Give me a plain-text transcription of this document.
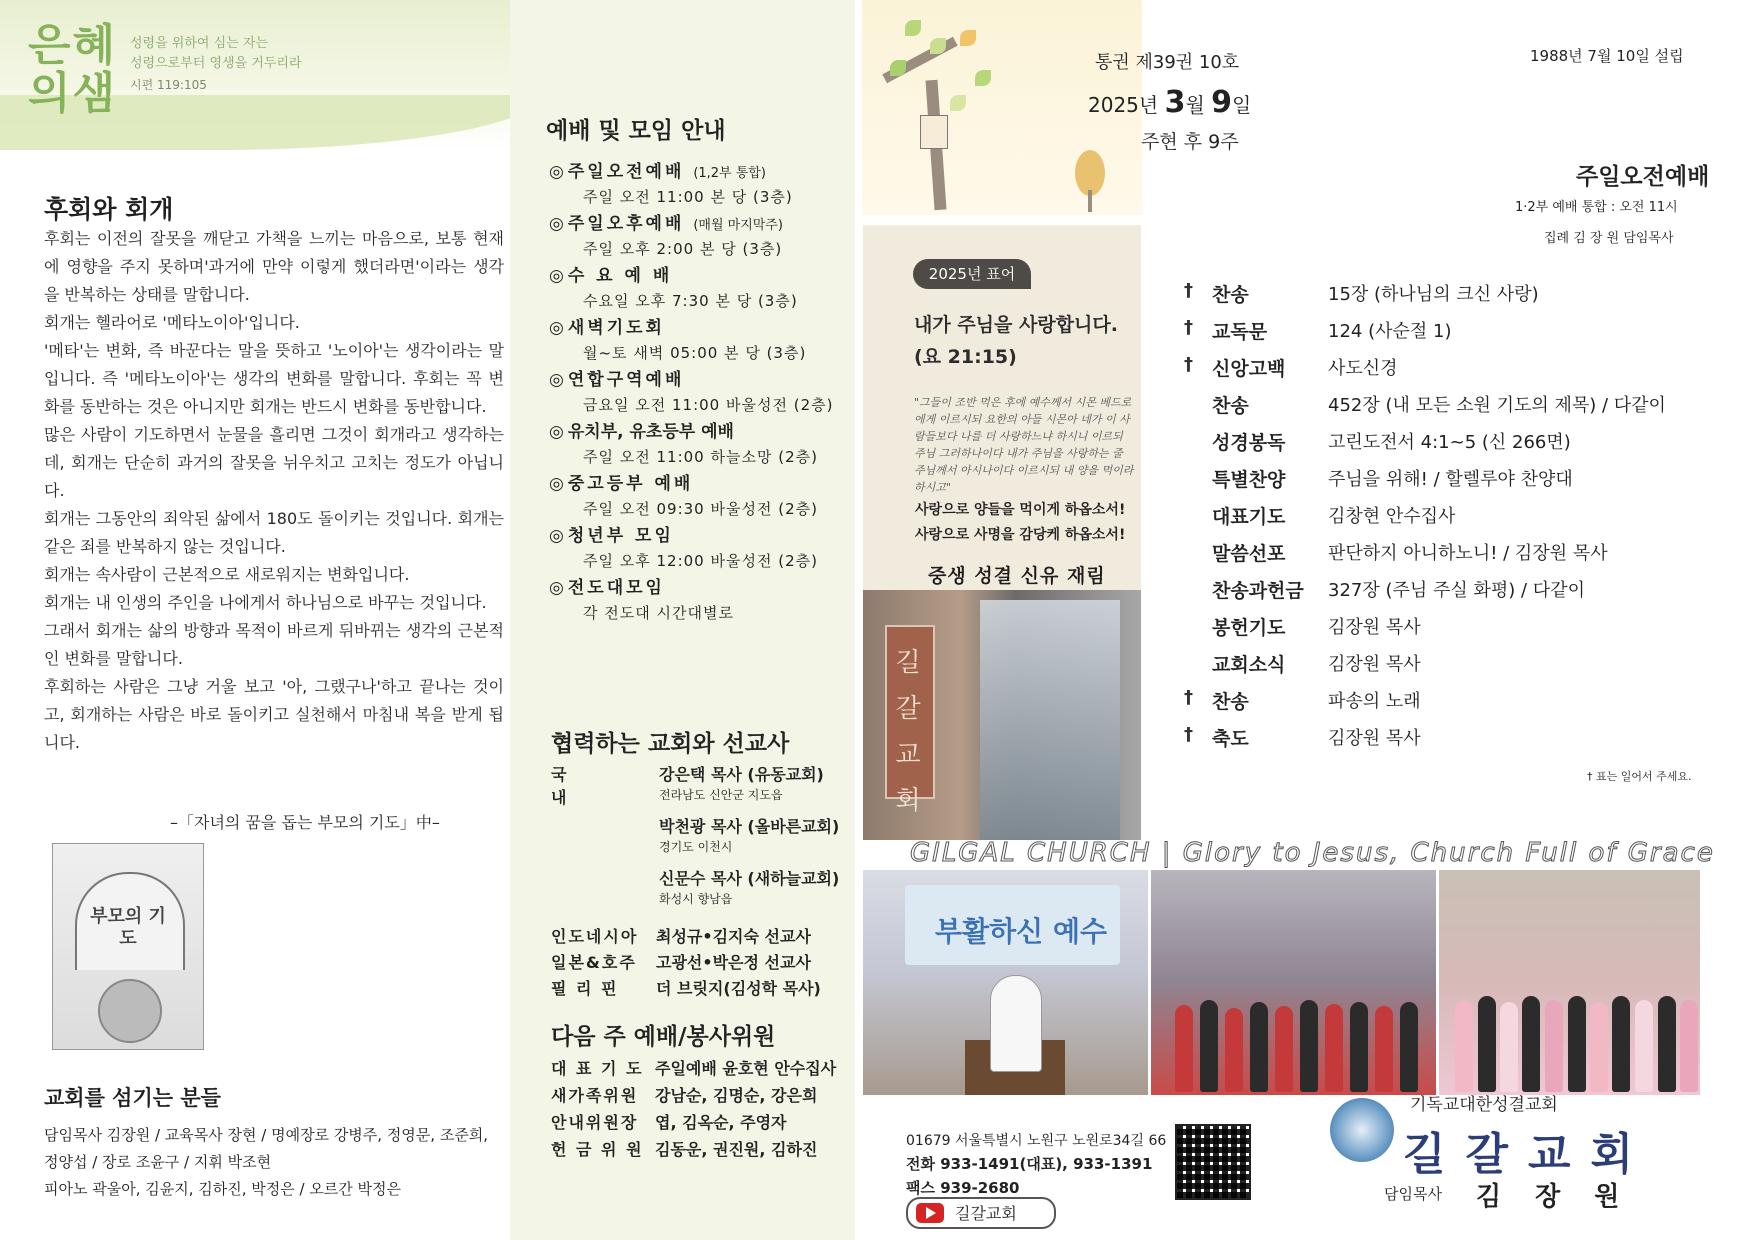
은혜
의샘
성령을 위하여 심는 자는
성령으로부터 영생을 거두리라
시편 119:105
후회와 회개

후회는 이전의 잘못을 깨닫고 가책을 느끼는 마음으로, 보통 현재에 영향을 주지 못하며'과거에 만약 이렇게 했더라면'이라는 생각을 반복하는 상태를 말합니다.

회개는 헬라어로 '메타노이아'입니다.

'메타'는 변화, 즉 바꾼다는 말을 뜻하고 '노이아'는 생각이라는 말입니다. 즉 '메타노이아'는 생각의 변화를 말합니다. 후회는 꼭 변화를 동반하는 것은 아니지만 회개는 반드시 변화를 동반합니다.

많은 사람이 기도하면서 눈물을 흘리면 그것이 회개라고 생각하는데, 회개는 단순히 과거의 잘못을 뉘우치고 고치는 정도가 아닙니다.

회개는 그동안의 죄악된 삶에서 180도 돌이키는 것입니다. 회개는 같은 죄를 반복하지 않는 것입니다.

회개는 속사람이 근본적으로 새로워지는 변화입니다.

회개는 내 인생의 주인을 나에게서 하나님으로 바꾸는 것입니다.

그래서 회개는 삶의 방향과 목적이 바르게 뒤바뀌는 생각의 근본적인 변화를 말합니다.

후회하는 사람은 그냥 거울 보고 '아, 그랬구나'하고 끝나는 것이고, 회개하는 사람은 바로 돌이키고 실천해서 마침내 복을 받게 됩니다.

–「자녀의 꿈을 돕는 부모의 기도」中–
부모의 기도
교회를 섬기는 분들
담임목사 김장원 / 교육목사 장현 / 명예장로 강병주, 정영문, 조준희,
정양섭 / 장로 조윤구 / 지휘 박조현
피아노 곽울아, 김윤지, 김하진, 박정은 / 오르간 박정은
예배 및 모임 안내
◎ 주일오전예배 (1,2부 통합)
주일 오전 11:00 본 당 (3층)
◎ 주일오후예배 (매월 마지막주)
주일 오후 2:00 본 당 (3층)
◎ 수 요 예 배
수요일 오후 7:30 본 당 (3층)
◎ 새벽기도회
월~토 새벽 05:00 본 당 (3층)
◎ 연합구역예배
금요일 오전 11:00 바울성전 (2층)
◎ 유치부, 유초등부 예배
주일 오전 11:00 하늘소망 (2층)
◎ 중고등부 예배
주일 오전 09:30 바울성전 (2층)
◎ 청년부 모임
주일 오후 12:00 바울성전 (2층)
◎ 전도대모임
각 전도대 시간대별로
협력하는 교회와 선교사
국내
강은택 목사 (유동교회)
전라남도 신안군 지도읍
박천광 목사 (올바른교회)
경기도 이천시
신문수 목사 (새하늘교회)
화성시 향남읍
인도네시아 최성규•김지숙 선교사
일본&호주 고광선•박은정 선교사
필 리 핀 더 브릿지(김성학 목사)
다음 주 예배/봉사위원
대 표 기 도 주일예배 윤호현 안수집사
새가족위원 강남순, 김명순, 강은희
안내위원장 엽, 김옥순, 주영자
헌 금 위 원 김동운, 권진원, 김하진
통권 제39권 10호
2025년 3월 9일
주현 후 9주
길갈교회
2025년 표어
내가 주님을 사랑합니다.
(요 21:15)
"그들이 조반 먹은 후에 예수께서 시몬 베드로에게 이르시되 요한의 아들 시몬아 네가 이 사람들보다 나를 더 사랑하느냐 하시니 이르되 주님 그러하나이다 내가 주님을 사랑하는 줄 주님께서 아시나이다 이르시되 내 양을 먹이라 하시고"
사랑으로 양들을 먹이게 하옵소서!
사랑으로 사명을 감당케 하옵소서!
중생 성결 신유 재림
1988년 7월 10일 설립
주일오전예배
1·2부 예배 통합 : 오전 11시
집례 김 장 원 담임목사
†	찬송	15장 (하나님의 크신 사랑)
†	교독문	124 (사순절 1)
†	신앙고백	사도신경
찬송	452장 (내 모든 소원 기도의 제목) / 다같이
성경봉독	고린도전서 4:1~5 (신 266면)
특별찬양	주님을 위해! / 할렐루야 찬양대
대표기도	김창현 안수집사
말씀선포	판단하지 아니하노니! / 김장원 목사
찬송과헌금	327장 (주님 주실 화평) / 다같이
봉헌기도	김장원 목사
교회소식	김장원 목사
†	찬송	파송의 노래
†	축도	김장원 목사
† 표는 일어서 주세요.
GILGAL CHURCH | Glory to Jesus, Church Full of Grace
부활하신 예수
기독교대한성결교회
길갈교회
담임목사 김장원
01679 서울특별시 노원구 노원로34길 66
전화 933-1491(대표), 933-1391
팩스 939-2680
길갈교회
